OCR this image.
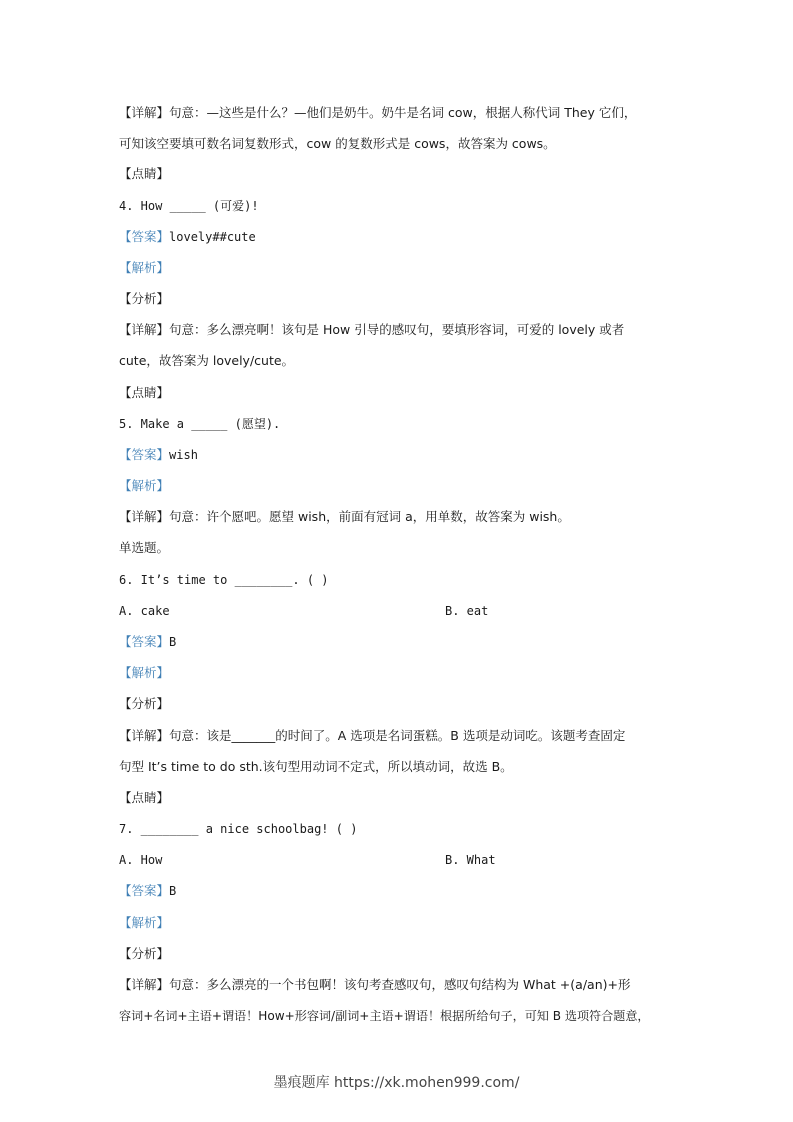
【详解】句意：—这些是什么？—他们是奶牛。奶牛是名词 cow，根据人称代词 They 它们，
可知该空要填可数名词复数形式，cow 的复数形式是 cows，故答案为 cows。
【点睛】
4. How _____ (可爱)!
【答案】lovely##cute
【解析】
【分析】
【详解】句意：多么漂亮啊！该句是 How 引导的感叹句，要填形容词，可爱的 lovely 或者
cute，故答案为 lovely/cute。
【点睛】
5. Make a _____ (愿望).
【答案】wish
【解析】
【详解】句意：许个愿吧。愿望 wish，前面有冠词 a，用单数，故答案为 wish。
单选题。
6. It’s time to ________. ( )
A. cake	B. eat
【答案】B
【解析】
【分析】
【详解】句意：该是_______的时间了。A 选项是名词蛋糕。B 选项是动词吃。该题考查固定
句型 It’s time to do sth.该句型用动词不定式，所以填动词，故选 B。
【点睛】
7. ________ a nice schoolbag! ( )
A. How	B. What
【答案】B
【解析】
【分析】
【详解】句意：多么漂亮的一个书包啊！该句考查感叹句，感叹句结构为 What +(a/an)+形
容词+名词+主语+谓语！How+形容词/副词+主语+谓语！根据所给句子，可知 B 选项符合题意，
墨痕题库 https://xk.mohen999.com/
